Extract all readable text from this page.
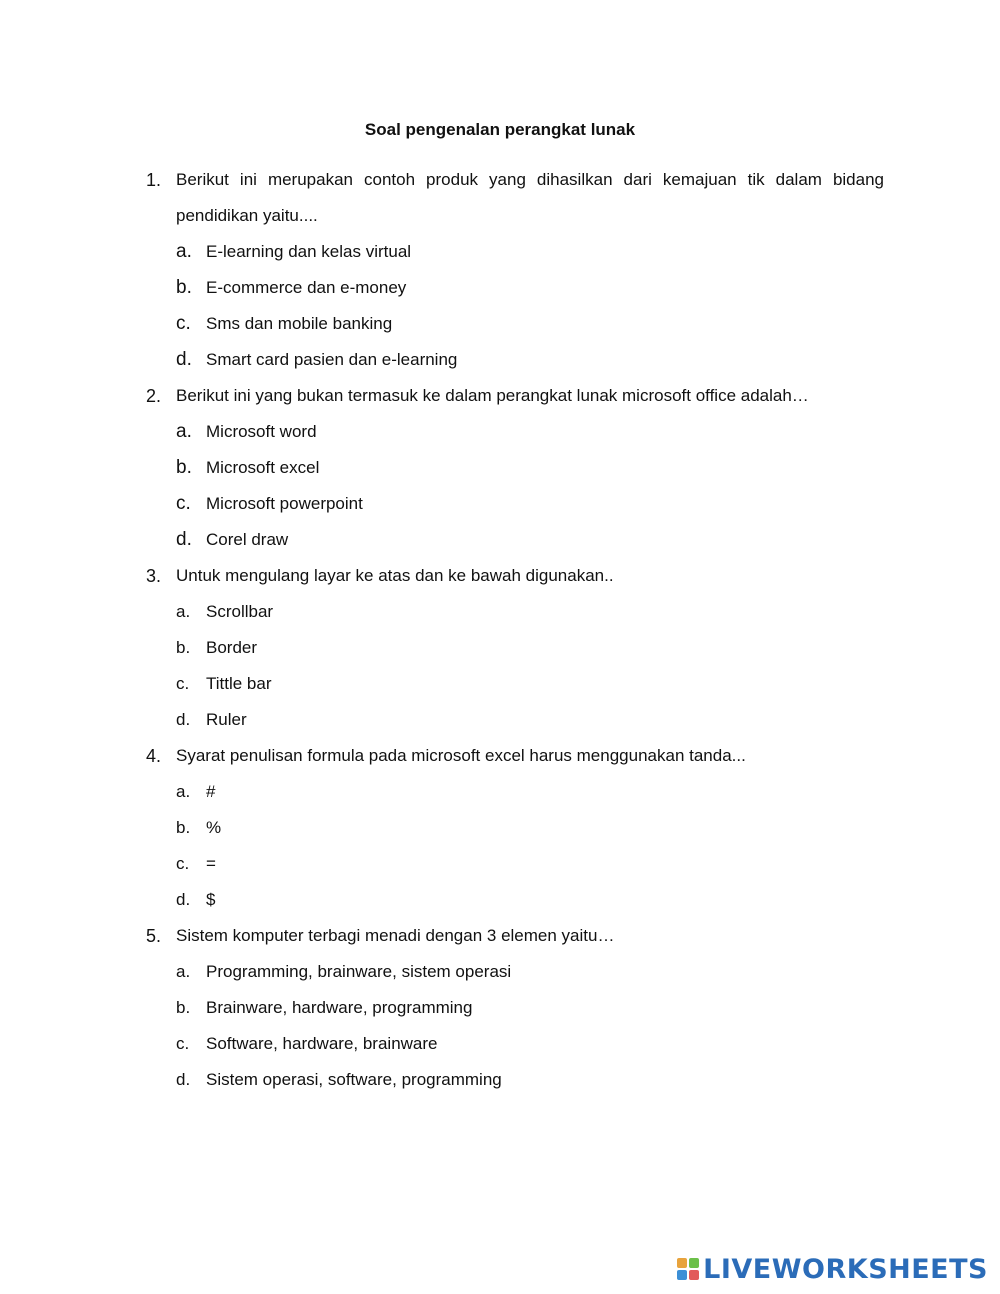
Soal pengenalan perangkat lunak
1. Berikut ini merupakan contoh produk yang dihasilkan dari kemajuan tik dalam bidang pendidikan yaitu....
a. E-learning dan kelas virtual
b. E-commerce dan e-money
c. Sms dan mobile banking
d. Smart card pasien dan e-learning
2. Berikut ini yang bukan termasuk ke dalam perangkat lunak microsoft office adalah…
a. Microsoft word
b. Microsoft excel
c. Microsoft powerpoint
d. Corel draw
3. Untuk mengulang layar ke atas dan ke bawah digunakan..
a. Scrollbar
b. Border
c. Tittle bar
d. Ruler
4. Syarat penulisan formula pada microsoft excel harus menggunakan tanda...
a. #
b. %
c. =
d. $
5. Sistem komputer terbagi menadi dengan 3 elemen yaitu…
a. Programming, brainware, sistem operasi
b. Brainware, hardware, programming
c. Software, hardware, brainware
d. Sistem operasi, software, programming
LIVEWORKSHEETS
